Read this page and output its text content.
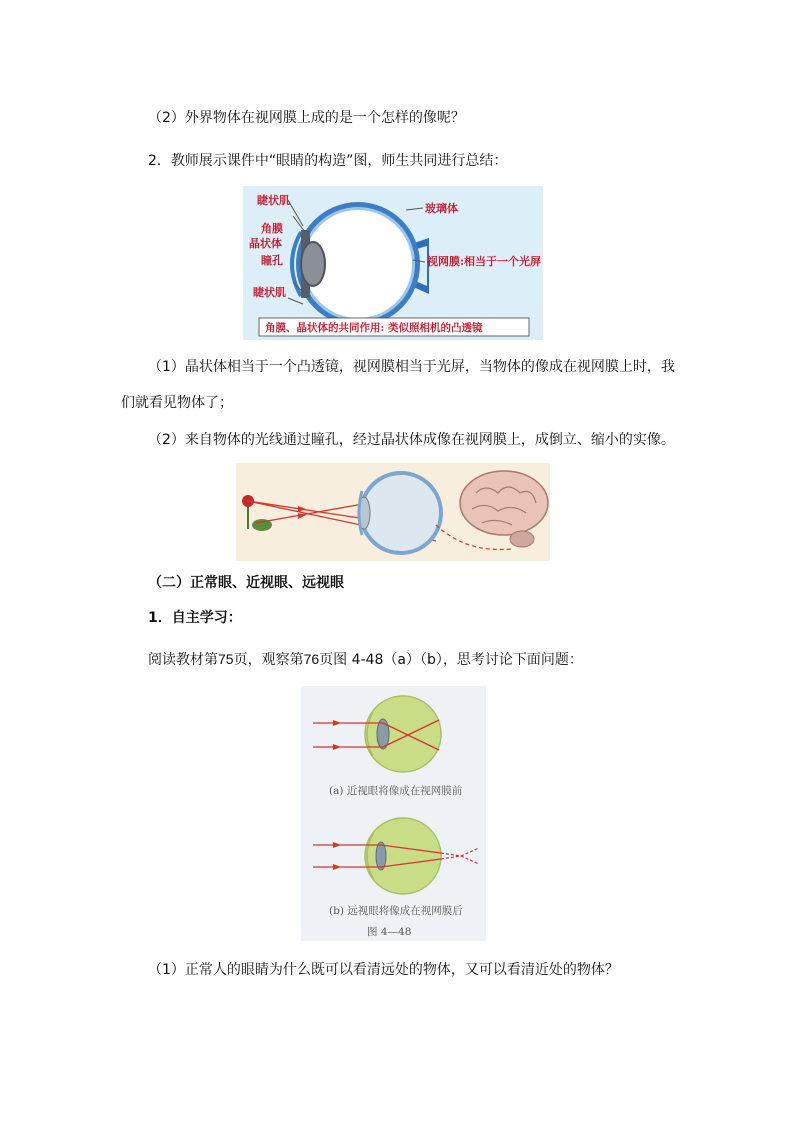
（2）外界物体在视网膜上成的是一个怎样的像呢？
2．教师展示课件中“眼睛的构造”图，师生共同进行总结：
睫状肌
角膜
晶状体
瞳孔
睫状肌
玻璃体
视网膜:相当于一个光屏
角膜、晶状体的共同作用: 类似照相机的凸透镜
（1）晶状体相当于一个凸透镜，视网膜相当于光屏，当物体的像成在视网膜上时，我
们就看见物体了；
（2）来自物体的光线通过瞳孔，经过晶状体成像在视网膜上，成倒立、缩小的实像。
（二）正常眼、近视眼、远视眼
1．自主学习：
阅读教材第75页，观察第76页图 4-48（a）（b），思考讨论下面问题：
(a) 近视眼将像成在视网膜前
(b) 远视眼将像成在视网膜后
图 4—48
（1）正常人的眼睛为什么既可以看清远处的物体，又可以看清近处的物体？
